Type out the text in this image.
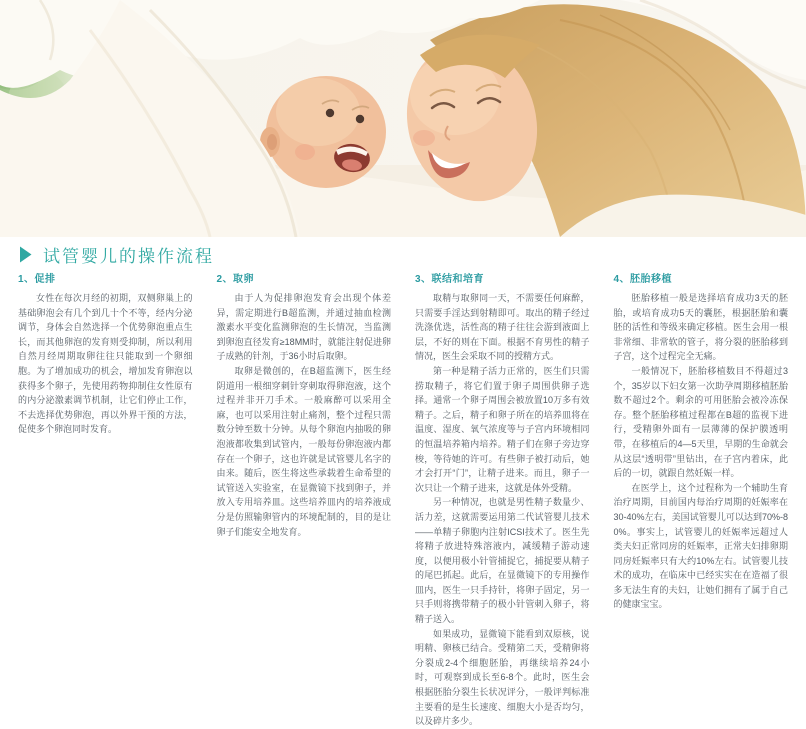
试管婴儿的操作流程
1、促排

女性在每次月经的初期，双侧卵巢上的基础卵泡会有几个到几十个不等，经内分泌调节，身体会自然选择一个优势卵泡重点生长，而其他卵泡的发育则受抑制，所以利用自然月经周期取卵往往只能取到一个卵细胞。为了增加成功的机会，增加发育卵泡以获得多个卵子，先使用药物抑制住女性原有的内分泌激素调节机制，让它们停止工作，不去选择优势卵泡，再以外界干预的方法，促使多个卵泡同时发育。

2、取卵

由于人为促排卵泡发育会出现个体差异，需定期进行B超监测，并通过抽血检测激素水平变化监测卵泡的生长情况，当监测到卵泡直径发育≥18MM时，就能注射促进卵子成熟的针剂，于36小时后取卵。

取卵是微创的，在B超监测下，医生经阴道用一根细穿刺针穿刺取得卵泡液，这个过程并非开刀手术。一般麻醉可以采用全麻，也可以采用注射止痛剂，整个过程只需数分钟至数十分钟。从每个卵泡内抽吸的卵泡液都收集到试管内，一般每份卵泡液内都存在一个卵子，这也许就是试管婴儿名字的由来。随后，医生将这些承载着生命希望的试管送入实验室，在显微镜下找到卵子，并放入专用培养皿。这些培养皿内的培养液成分是仿照输卵管内的环境配制的，目的是让卵子们能安全地发育。

3、联结和培育

取精与取卵同一天，不需要任何麻醉，只需要手淫达到射精即可。取出的精子经过洗涤优选，活性高的精子往往会游到液面上层，不好的则在下面。根据不育男性的精子情况，医生会采取不同的授精方式。

第一种是精子活力正常的，医生们只需捞取精子，将它们置于卵子周围供卵子选择。通常一个卵子周围会被放置10万多有效精子。之后，精子和卵子所在的培养皿将在温度、湿度、氧气浓度等与子宫内环境相同的恒温培养箱内培养。精子们在卵子旁边穿梭，等待她的许可。有些卵子被打动后，她才会打开“门”，让精子进来。而且，卵子一次只让一个精子进来，这就是体外受精。

另一种情况，也就是男性精子数量少、活力差，这就需要运用第二代试管婴儿技术——单精子卵胞内注射ICSI技术了。医生先将精子放进特殊溶液内，减缓精子游动速度，以便用极小针管捕捉它，捕捉要从精子的尾巴抓起。此后，在显微镜下的专用操作皿内，医生一只手持针，将卵子固定，另一只手则将携带精子的极小针管刺入卵子，将精子送入。

如果成功，显微镜下能看到双原核，说明精、卵核已结合。受精第二天，受精卵将分裂成2-4个细胞胚胎，再继续培养24小时，可观察到成长至6-8个。此时，医生会根据胚胎分裂生长状况评分，一般评判标准主要看的是生长速度、细胞大小是否均匀，以及碎片多少。

4、胚胎移植

胚胎移植一般是选择培育成功3天的胚胎，或培育成功5天的囊胚，根据胚胎和囊胚的活性和等级来确定移植。医生会用一根非常细、非常软的管子，将分裂的胚胎移到子宫，这个过程完全无痛。

一般情况下，胚胎移植数目不得超过3个，35岁以下妇女第一次助孕周期移植胚胎数不超过2个。剩余的可用胚胎会被冷冻保存。整个胚胎移植过程都在B超的监视下进行，受精卵外面有一层薄薄的保护膜透明带，在移植后的4—5天里，早期的生命就会从这层“透明带”里钻出，在子宫内着床，此后的一切，就跟自然妊娠一样。

在医学上，这个过程称为一个辅助生育治疗周期，目前国内每治疗周期的妊娠率在30-40%左右，美国试管婴儿可以达到70%-80%。事实上，试管婴儿的妊娠率远超过人类夫妇正常同房的妊娠率，正常夫妇排卵期同房妊娠率只有大约10%左右。试管婴儿技术的成功，在临床中已经实实在在造福了很多无法生育的夫妇，让她们拥有了属于自己的健康宝宝。
